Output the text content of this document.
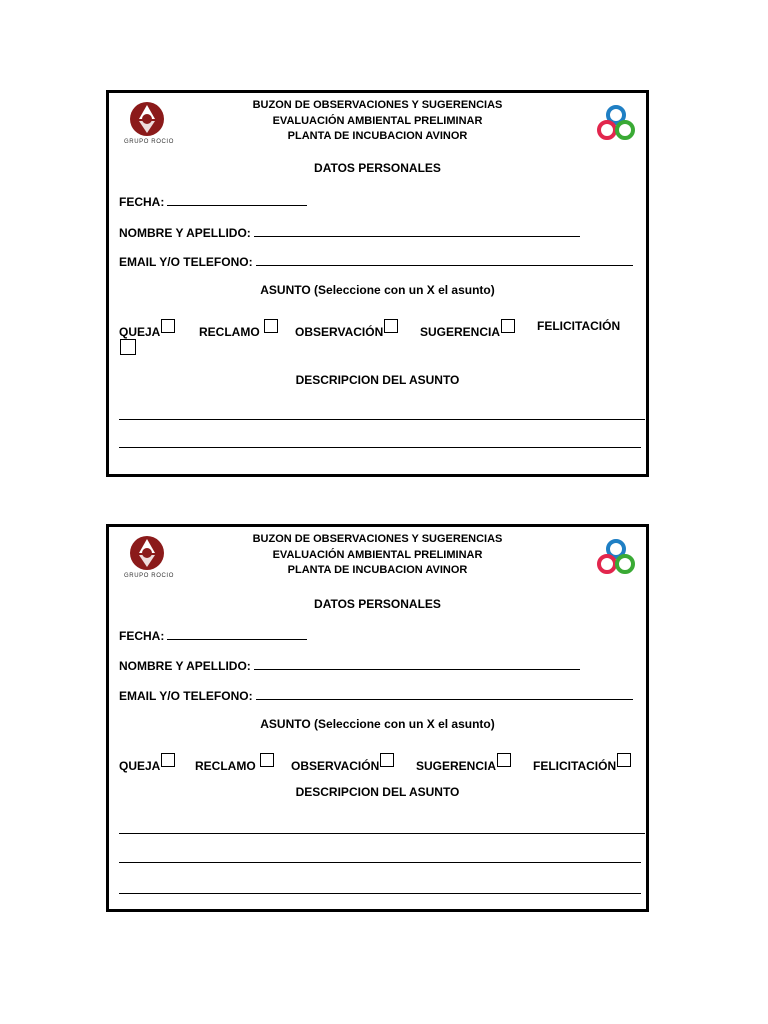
GRUPO ROCIO
BUZON DE OBSERVACIONES Y SUGERENCIAS
EVALUACIÓN AMBIENTAL PRELIMINAR
PLANTA DE INCUBACION AVINOR
DATOS PERSONALES
FECHA:
NOMBRE Y APELLIDO:
EMAIL Y/O TELEFONO:
ASUNTO (Seleccione con un X el asunto)
QUEJA	RECLAMO	OBSERVACIÓN	SUGERENCIA	FELICITACIÓN
DESCRIPCION DEL ASUNTO
GRUPO ROCIO
BUZON DE OBSERVACIONES Y SUGERENCIAS
EVALUACIÓN AMBIENTAL PRELIMINAR
PLANTA DE INCUBACION AVINOR
DATOS PERSONALES
FECHA:
NOMBRE Y APELLIDO:
EMAIL Y/O TELEFONO:
ASUNTO (Seleccione con un X el asunto)
QUEJA	RECLAMO	OBSERVACIÓN	SUGERENCIA	FELICITACIÓN
DESCRIPCION DEL ASUNTO
